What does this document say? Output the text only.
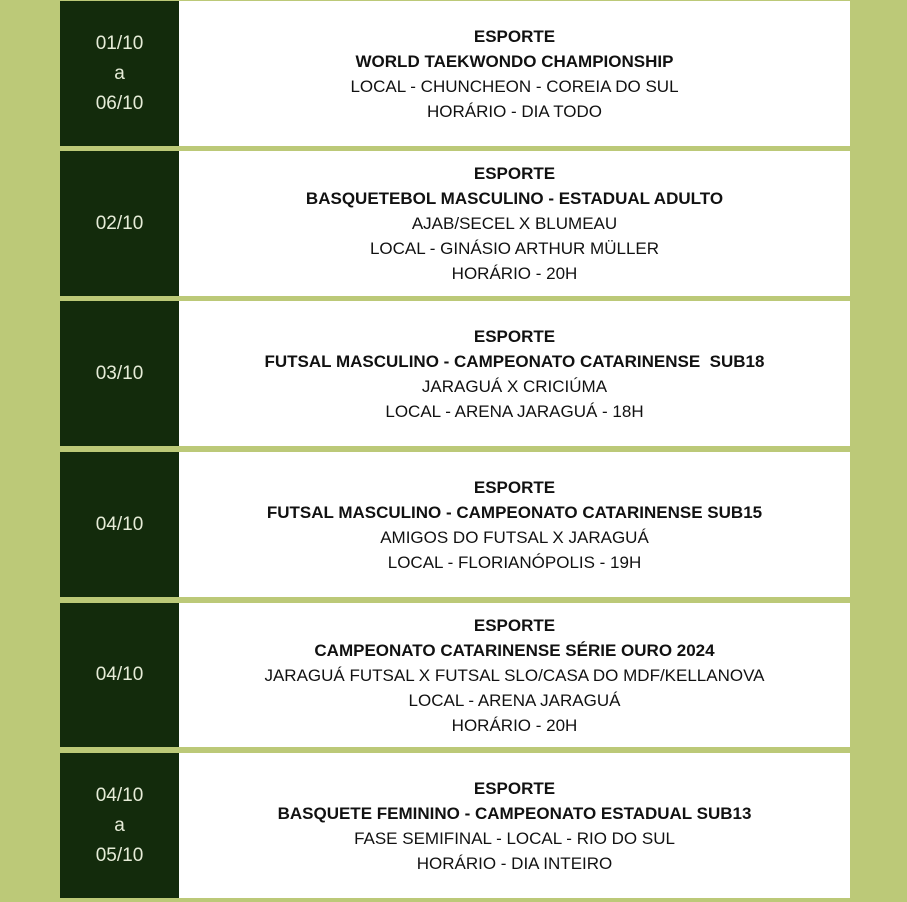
01/10
a
06/10
ESPORTE
WORLD TAEKWONDO CHAMPIONSHIP
LOCAL - CHUNCHEON - COREIA DO SUL
HORÁRIO - DIA TODO
02/10
ESPORTE
BASQUETEBOL MASCULINO - ESTADUAL ADULTO
AJAB/SECEL X BLUMEAU
LOCAL - GINÁSIO ARTHUR MÜLLER
HORÁRIO - 20H
03/10
ESPORTE
FUTSAL MASCULINO - CAMPEONATO CATARINENSE  SUB18
JARAGUÁ X CRICIÚMA
LOCAL - ARENA JARAGUÁ - 18H
04/10
ESPORTE
FUTSAL MASCULINO - CAMPEONATO CATARINENSE SUB15
AMIGOS DO FUTSAL X JARAGUÁ
LOCAL - FLORIANÓPOLIS - 19H
04/10
ESPORTE
CAMPEONATO CATARINENSE SÉRIE OURO 2024
JARAGUÁ FUTSAL X FUTSAL SLO/CASA DO MDF/KELLANOVA
LOCAL - ARENA JARAGUÁ
HORÁRIO - 20H
04/10
a
05/10
ESPORTE
BASQUETE FEMININO - CAMPEONATO ESTADUAL SUB13
FASE SEMIFINAL - LOCAL - RIO DO SUL
HORÁRIO - DIA INTEIRO
